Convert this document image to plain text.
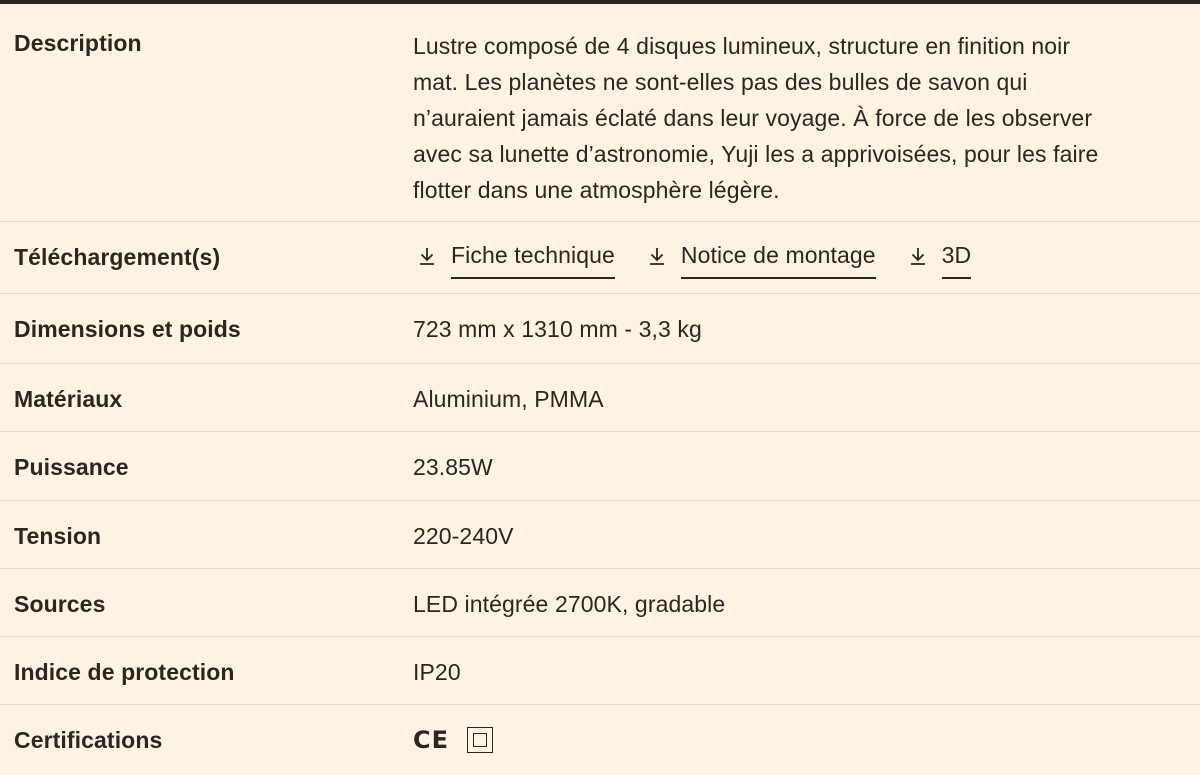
Description	Lustre composé de 4 disques lumineux, structure en finition noir
mat. Les planètes ne sont-elles pas des bulles de savon qui
n’auraient jamais éclaté dans leur voyage. À force de les observer
avec sa lunette d’astronomie, Yuji les a apprivoisées, pour les faire
flotter dans une atmosphère légère.
Téléchargement(s)	Fiche technique	Notice de montage	3D
Dimensions et poids	723 mm x 1310 mm - 3,3 kg
Matériaux	Aluminium, PMMA
Puissance	23.85W
Tension	220-240V
Sources	LED intégrée 2700K, gradable
Indice de protection	IP20
Certifications	CE
